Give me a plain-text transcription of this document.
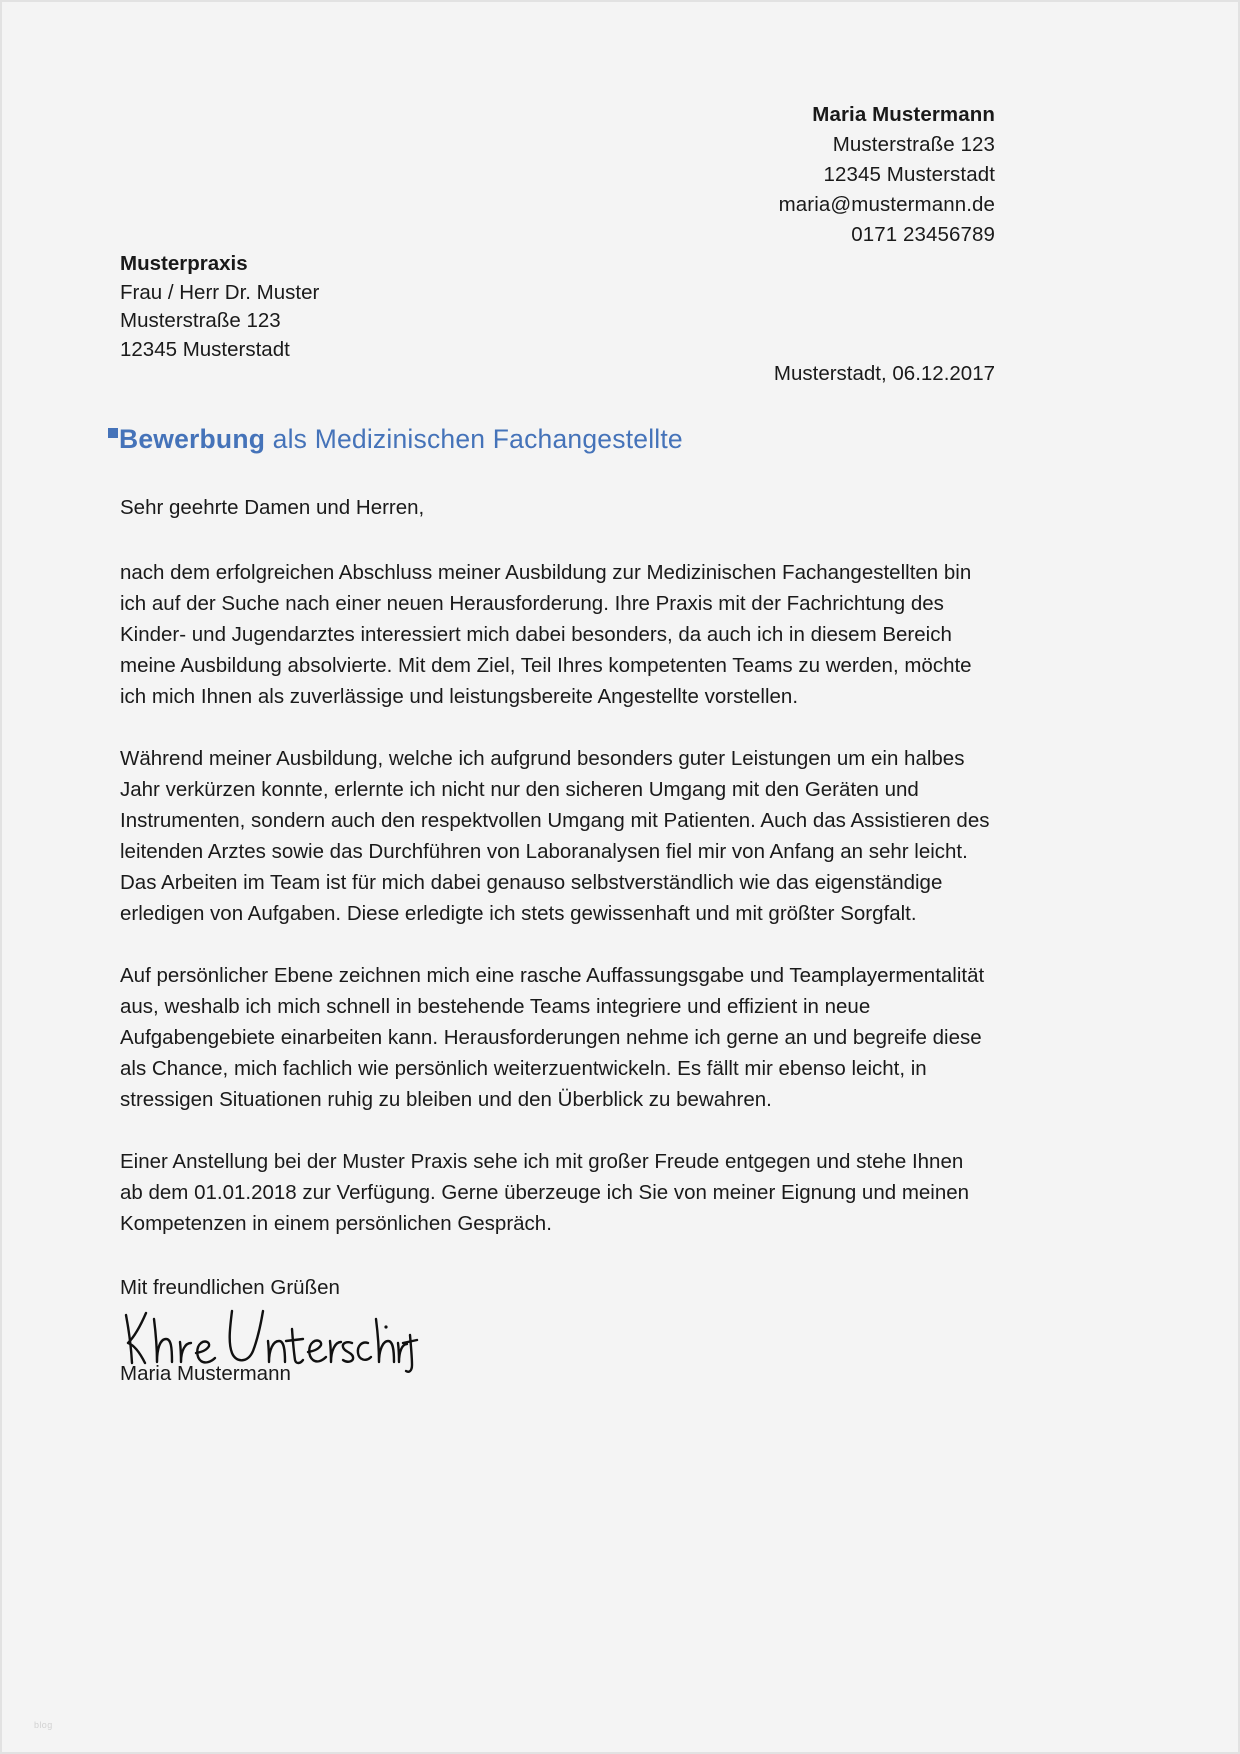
Maria Mustermann
Musterstraße 123
12345 Musterstadt
maria@mustermann.de
0171 23456789
Musterpraxis
Frau / Herr Dr. Muster
Musterstraße 123
12345 Musterstadt
Musterstadt, 06.12.2017
Bewerbung als Medizinischen Fachangestellte

Sehr geehrte Damen und Herren,

nach dem erfolgreichen Abschluss meiner Ausbildung zur Medizinischen Fachangestellten bin ich auf der Suche nach einer neuen Herausforderung. Ihre Praxis mit der Fachrichtung des Kinder- und Jugendarztes interessiert mich dabei besonders, da auch ich in diesem Bereich meine Ausbildung absolvierte. Mit dem Ziel, Teil Ihres kompetenten Teams zu werden, möchte ich mich Ihnen als zuverlässige und leistungsbereite Angestellte vorstellen.

Während meiner Ausbildung, welche ich aufgrund besonders guter Leistungen um ein halbes Jahr verkürzen konnte, erlernte ich nicht nur den sicheren Umgang mit den Geräten und Instrumenten, sondern auch den respektvollen Umgang mit Patienten. Auch das Assistieren des leitenden Arztes sowie das Durchführen von Laboranalysen fiel mir von Anfang an sehr leicht. Das Arbeiten im Team ist für mich dabei genauso selbstverständlich wie das eigenständige erledigen von Aufgaben. Diese erledigte ich stets gewissenhaft und mit größter Sorgfalt.

Auf persönlicher Ebene zeichnen mich eine rasche Auffassungsgabe und Teamplayermentalität aus, weshalb ich mich schnell in bestehende Teams integriere und effizient in neue Aufgabengebiete einarbeiten kann. Herausforderungen nehme ich gerne an und begreife diese als Chance, mich fachlich wie persönlich weiterzuentwickeln. Es fällt mir ebenso leicht, in stressigen Situationen ruhig zu bleiben und den Überblick zu bewahren.

Einer Anstellung bei der Muster Praxis sehe ich mit großer Freude entgegen und stehe Ihnen ab dem 01.01.2018 zur Verfügung. Gerne überzeuge ich Sie von meiner Eignung und meinen Kompetenzen in einem persönlichen Gespräch.

Mit freundlichen Grüßen
Maria Mustermann
blog
